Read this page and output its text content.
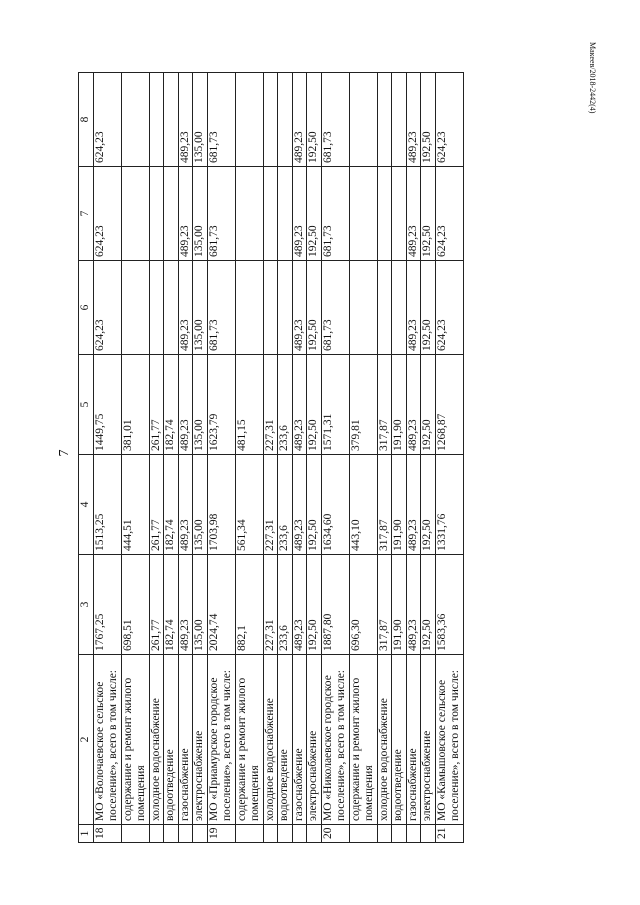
7
Макеев/2018-2442(4)
1	2	3	4	5	6	7	8
18	МО «Волочаевское сельское поселение», всего в том числе:	1767,25	1513,25	1449,75	624,23	624,23	624,23
	содержание и ремонт жилого помещения	698,51	444,51	381,01			
	холодное водоснабжение	261,77	261,77	261,77			
	водоотведение	182,74	182,74	182,74			
	газоснабжение	489,23	489,23	489,23	489,23	489,23	489,23
	электроснабжение	135,00	135,00	135,00	135,00	135,00	135,00
19	МО «Приамурское городское поселение», всего в том числе:	2024,74	1703,98	1623,79	681,73	681,73	681,73
	содержание и ремонт жилого помещения	882,1	561,34	481,15			
	холодное водоснабжение	227,31	227,31	227,31			
	водоотведение	233,6	233,6	233,6			
	газоснабжение	489,23	489,23	489,23	489,23	489,23	489,23
	электроснабжение	192,50	192,50	192,50	192,50	192,50	192,50
20	МО «Николаевское городское поселение», всего в том числе:	1887,80	1634,60	1571,31	681,73	681,73	681,73
	содержание и ремонт жилого помещения	696,30	443,10	379,81			
	холодное водоснабжение	317,87	317,87	317,87			
	водоотведение	191,90	191,90	191,90			
	газоснабжение	489,23	489,23	489,23	489,23	489,23	489,23
	электроснабжение	192,50	192,50	192,50	192,50	192,50	192,50
21	МО «Камышовское сельское поселение», всего в том числе:	1583,36	1331,76	1268,87	624,23	624,23	624,23
